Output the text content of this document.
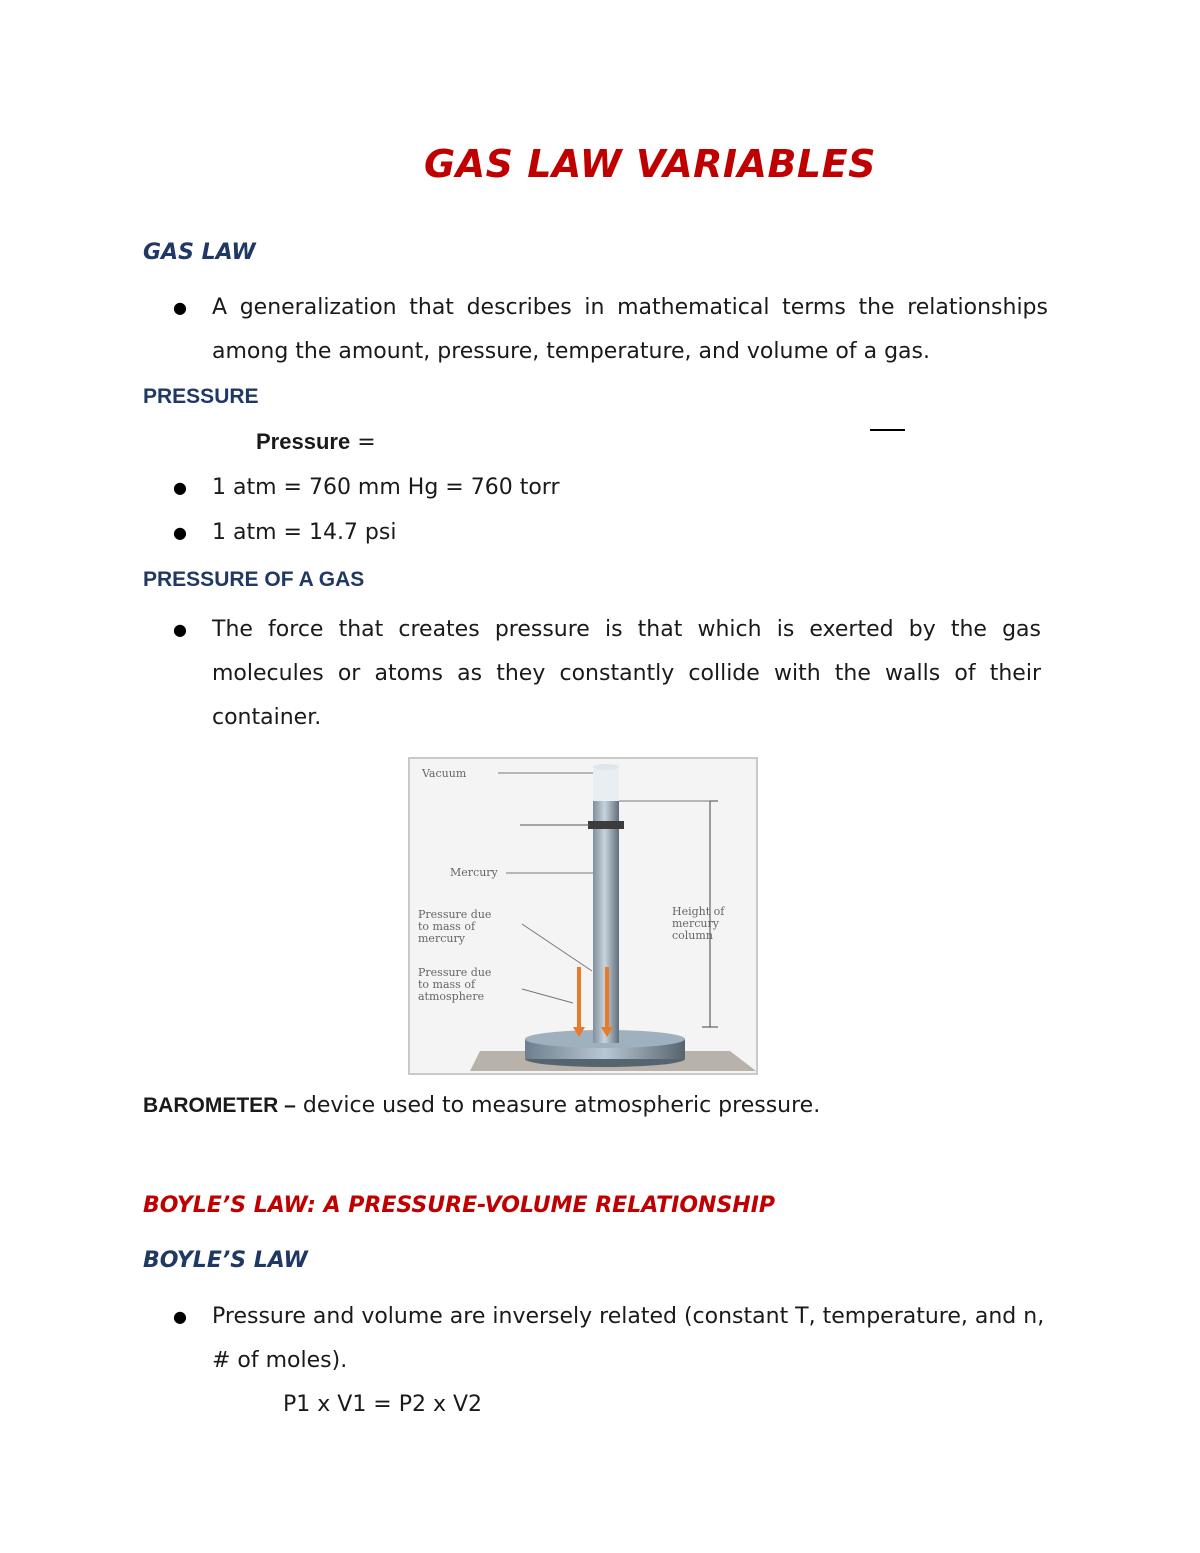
GAS LAW VARIABLES
GAS LAW
● A generalization that describes in mathematical terms the relationships among the amount, pressure, temperature, and volume of a gas.
PRESSURE
Pressure =
● 1 atm = 760 mm Hg = 760 torr
● 1 atm = 14.7 psi
PRESSURE OF A GAS
● The force that creates pressure is that which is exerted by the gas molecules or atoms as they constantly collide with the walls of their container.
Vacuum
Mercury
Pressure due
to mass of
mercury
Pressure due
to mass of
atmosphere
Height of
mercury
column
BAROMETER – device used to measure atmospheric pressure.
BOYLE’S LAW: A PRESSURE-VOLUME RELATIONSHIP
BOYLE’S LAW
● Pressure and volume are inversely related (constant T, temperature, and n, # of moles).
P1 x V1 = P2 x V2
